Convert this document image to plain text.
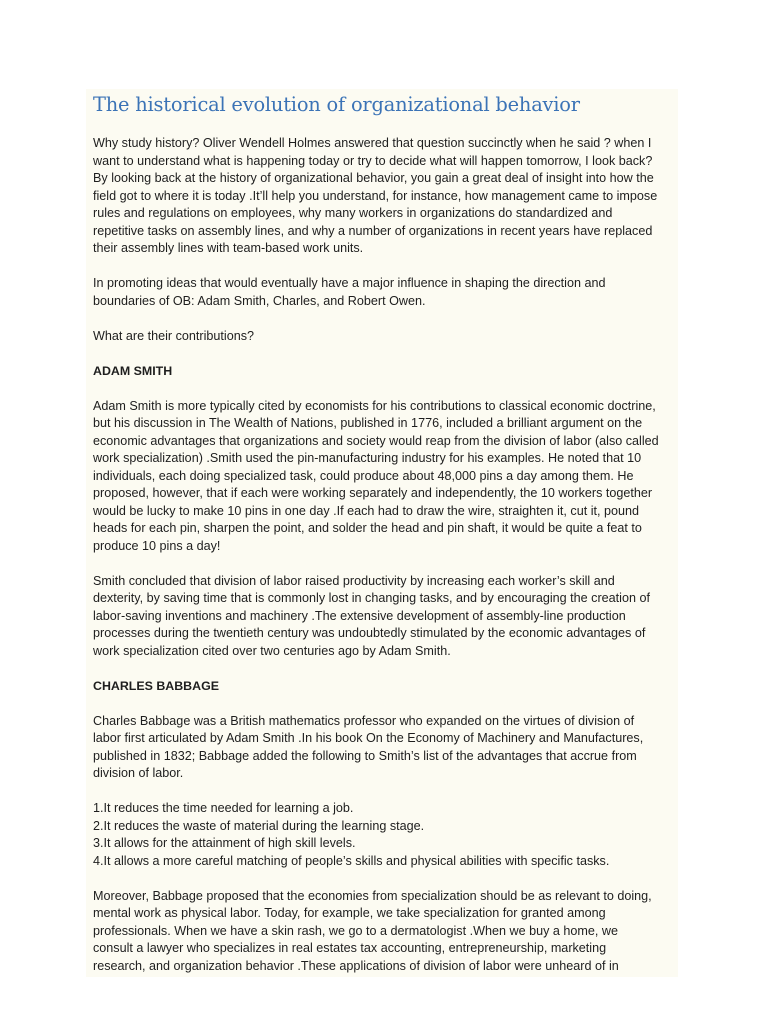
The historical evolution of organizational behavior

Why study history? Oliver Wendell Holmes answered that question succinctly when he said ? when I
want to understand what is happening today or try to decide what will happen tomorrow, I look back?
By looking back at the history of organizational behavior, you gain a great deal of insight into how the
field got to where it is today .It’ll help you understand, for instance, how management came to impose
rules and regulations on employees, why many workers in organizations do standardized and
repetitive tasks on assembly lines, and why a number of organizations in recent years have replaced
their assembly lines with team-based work units.

In promoting ideas that would eventually have a major influence in shaping the direction and
boundaries of OB: Adam Smith, Charles, and Robert Owen.

What are their contributions?

ADAM SMITH

Adam Smith is more typically cited by economists for his contributions to classical economic doctrine,
but his discussion in The Wealth of Nations, published in 1776, included a brilliant argument on the
economic advantages that organizations and society would reap from the division of labor (also called
work specialization) .Smith used the pin-manufacturing industry for his examples. He noted that 10
individuals, each doing specialized task, could produce about 48,000 pins a day among them. He
proposed, however, that if each were working separately and independently, the 10 workers together
would be lucky to make 10 pins in one day .If each had to draw the wire, straighten it, cut it, pound
heads for each pin, sharpen the point, and solder the head and pin shaft, it would be quite a feat to
produce 10 pins a day!

Smith concluded that division of labor raised productivity by increasing each worker’s skill and
dexterity, by saving time that is commonly lost in changing tasks, and by encouraging the creation of
labor-saving inventions and machinery .The extensive development of assembly-line production
processes during the twentieth century was undoubtedly stimulated by the economic advantages of
work specialization cited over two centuries ago by Adam Smith.

CHARLES BABBAGE

Charles Babbage was a British mathematics professor who expanded on the virtues of division of
labor first articulated by Adam Smith .In his book On the Economy of Machinery and Manufactures,
published in 1832; Babbage added the following to Smith’s list of the advantages that accrue from
division of labor.

1.It reduces the time needed for learning a job.

2.It reduces the waste of material during the learning stage.

3.It allows for the attainment of high skill levels.

4.It allows a more careful matching of people’s skills and physical abilities with specific tasks.

Moreover, Babbage proposed that the economies from specialization should be as relevant to doing,
mental work as physical labor. Today, for example, we take specialization for granted among
professionals. When we have a skin rash, we go to a dermatologist .When we buy a home, we
consult a lawyer who specializes in real estates tax accounting, entrepreneurship, marketing
research, and organization behavior .These applications of division of labor were unheard of in
